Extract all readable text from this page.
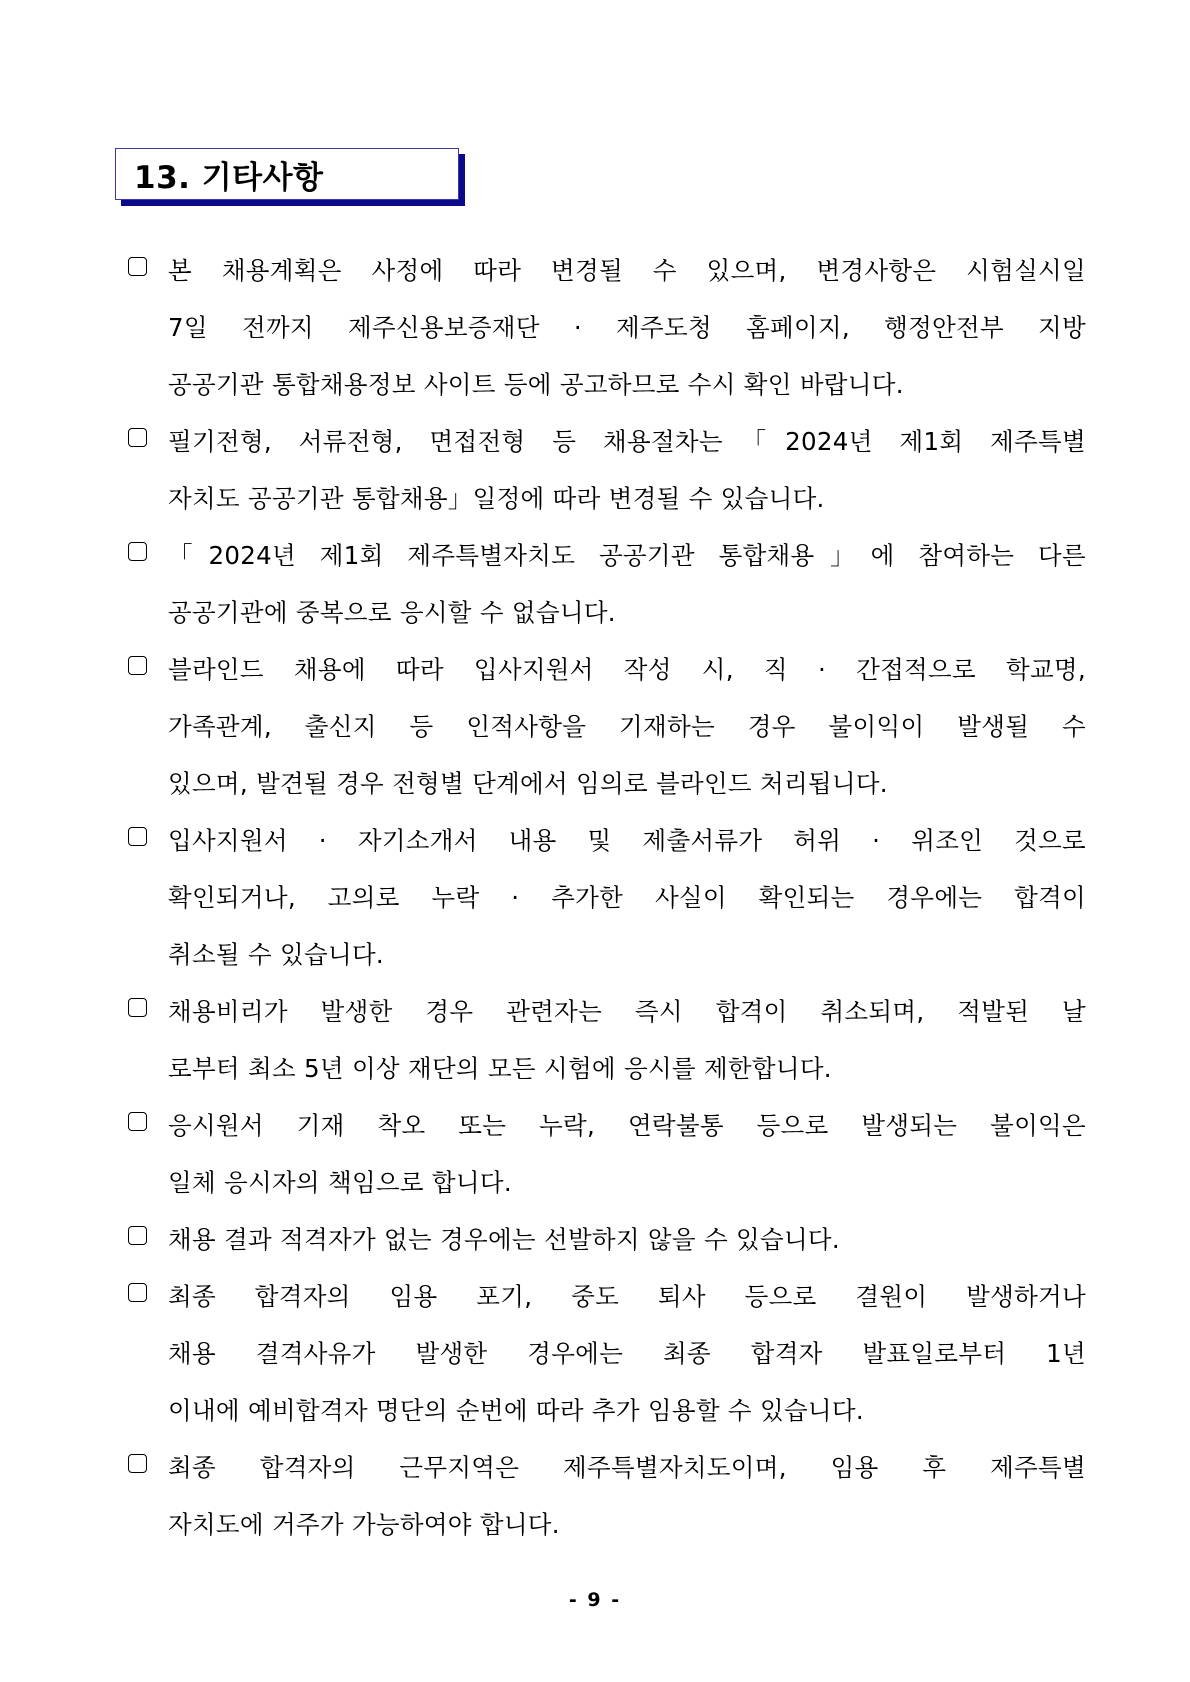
13. 기타사항
본 채용계획은 사정에 따라 변경될 수 있으며, 변경사항은 시험실시일
7일 전까지 제주신용보증재단 · 제주도청 홈페이지, 행정안전부 지방
공공기관 통합채용정보 사이트 등에 공고하므로 수시 확인 바랍니다.
필기전형, 서류전형, 면접전형 등 채용절차는「2024년 제1회 제주특별
자치도 공공기관 통합채용」일정에 따라 변경될 수 있습니다.
「2024년 제1회 제주특별자치도 공공기관 통합채용」에 참여하는 다른
공공기관에 중복으로 응시할 수 없습니다.
블라인드 채용에 따라 입사지원서 작성 시, 직 · 간접적으로 학교명,
가족관계, 출신지 등 인적사항을 기재하는 경우 불이익이 발생될 수
있으며, 발견될 경우 전형별 단계에서 임의로 블라인드 처리됩니다.
입사지원서 · 자기소개서 내용 및 제출서류가 허위 · 위조인 것으로
확인되거나, 고의로 누락 · 추가한 사실이 확인되는 경우에는 합격이
취소될 수 있습니다.
채용비리가 발생한 경우 관련자는 즉시 합격이 취소되며, 적발된 날
로부터 최소 5년 이상 재단의 모든 시험에 응시를 제한합니다.
응시원서 기재 착오 또는 누락, 연락불통 등으로 발생되는 불이익은
일체 응시자의 책임으로 합니다.
채용 결과 적격자가 없는 경우에는 선발하지 않을 수 있습니다.
최종 합격자의 임용 포기, 중도 퇴사 등으로 결원이 발생하거나
채용 결격사유가 발생한 경우에는 최종 합격자 발표일로부터 1년
이내에 예비합격자 명단의 순번에 따라 추가 임용할 수 있습니다.
최종 합격자의 근무지역은 제주특별자치도이며, 임용 후 제주특별
자치도에 거주가 가능하여야 합니다.
- 9 -
